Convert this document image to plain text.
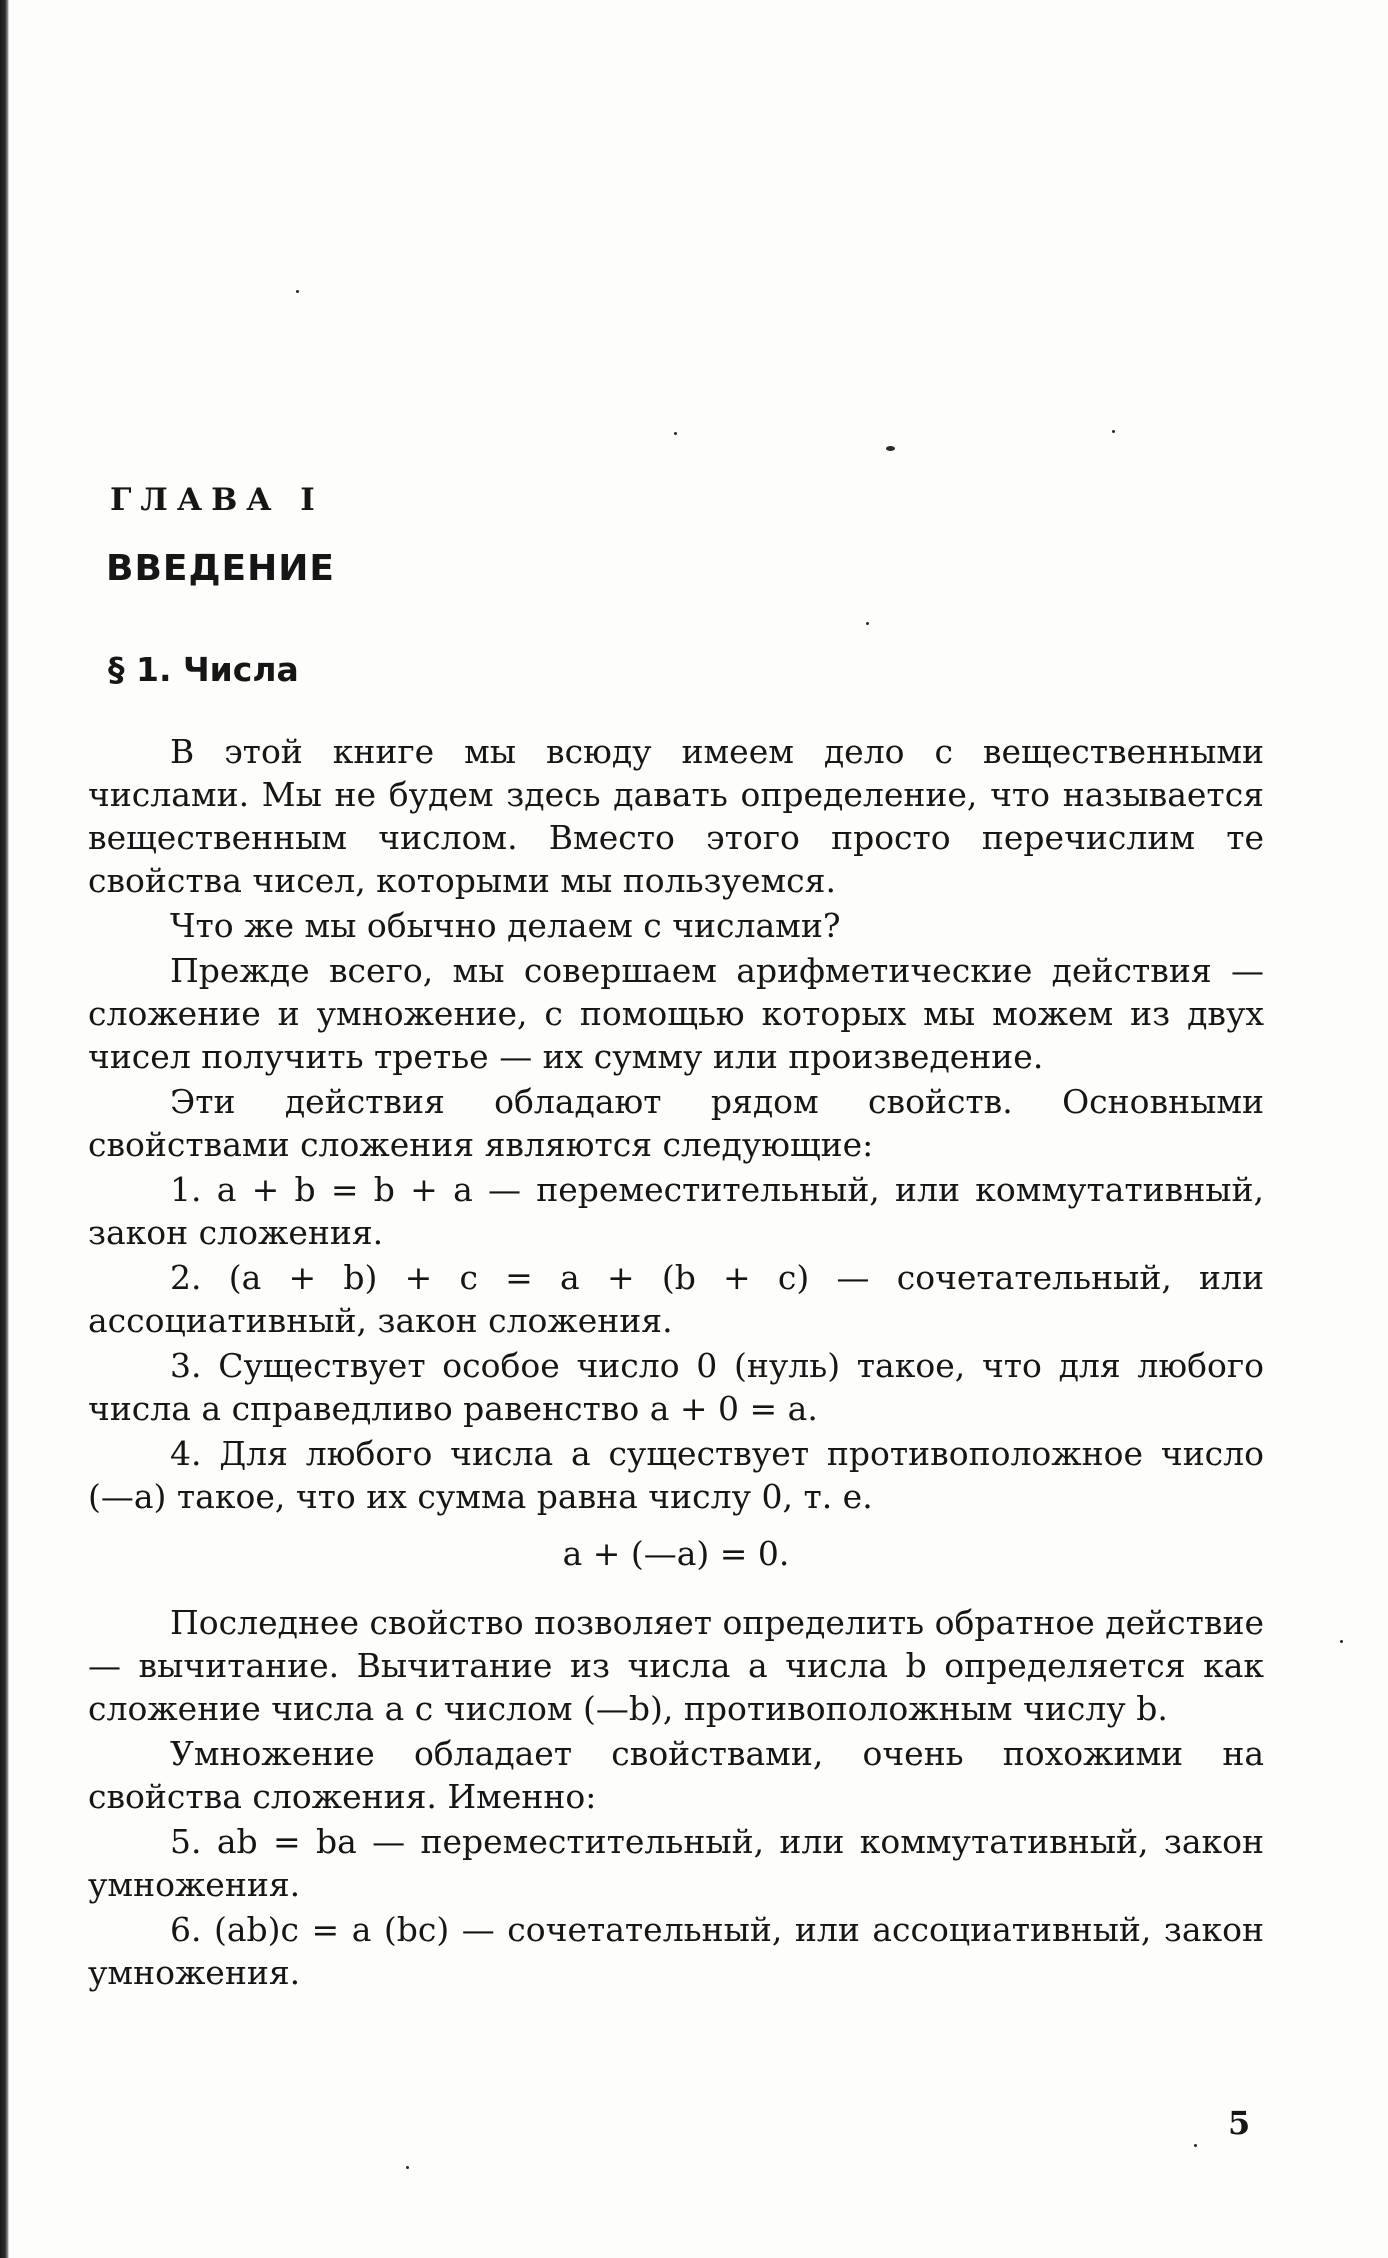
ГЛАВА I
ВВЕДЕНИЕ
§ 1. Числа

В этой книге мы всюду имеем дело с вещественными числами. Мы не будем здесь давать определение, что называется вещественным числом. Вместо этого просто перечислим те свойства чисел, которыми мы пользуемся.

Что же мы обычно делаем с числами?

Прежде всего, мы совершаем арифметические действия — сложение и умножение, с помощью которых мы можем из двух чисел получить третье — их сумму или произведение.

Эти действия обладают рядом свойств. Основными свойствами сложения являются следующие:

1. a + b = b + a — переместительный, или коммутативный, закон сложения.

2. (a + b) + c = a + (b + c) — сочетательный, или ассоциативный, закон сложения.

3. Существует особое число 0 (нуль) такое, что для любого числа a справедливо равенство a + 0 = a.

4. Для любого числа a существует противоположное число (—a) такое, что их сумма равна числу 0, т. е.

a + (—a) = 0.

Последнее свойство позволяет определить обратное действие — вычитание. Вычитание из числа a числа b определяется как сложение числа a с числом (—b), противоположным числу b.

Умножение обладает свойствами, очень похожими на свойства сложения. Именно:

5. ab = ba — переместительный, или коммутативный, закон умножения.

6. (ab)c = a (bc) — сочетательный, или ассоциативный, закон умножения.

5
